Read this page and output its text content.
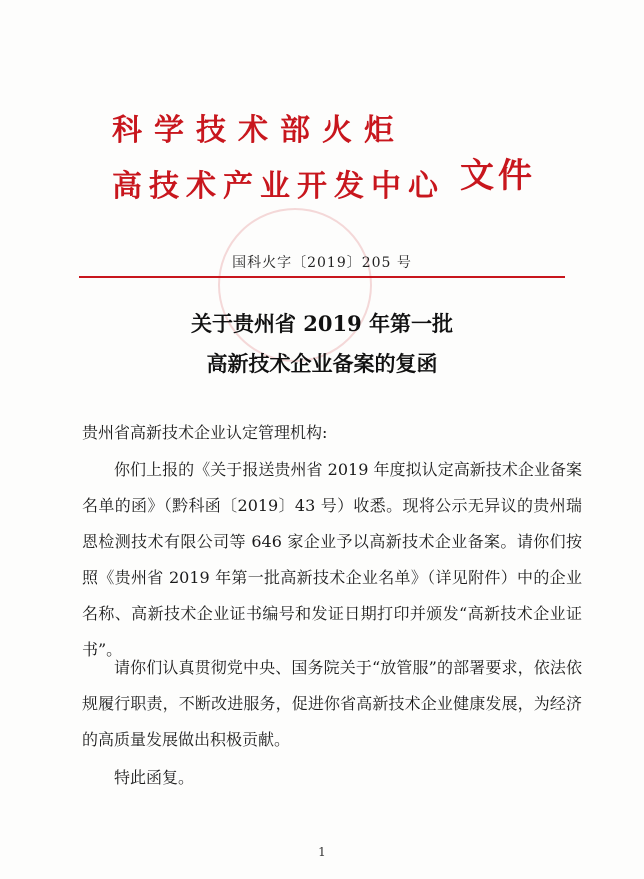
科学技术部火炬
高技术产业开发中心 文件
国科火字〔2019〕205 号
关于贵州省 2019 年第一批
高新技术企业备案的复函
贵州省高新技术企业认定管理机构:
你们上报的《关于报送贵州省 2019 年度拟认定高新技术企业备案名单的函》（黔科函〔2019〕43 号）收悉。现将公示无异议的贵州瑞恩检测技术有限公司等 646 家企业予以高新技术企业备案。请你们按照《贵州省 2019 年第一批高新技术企业名单》（详见附件）中的企业名称、高新技术企业证书编号和发证日期打印并颁发“高新技术企业证书”。
请你们认真贯彻党中央、国务院关于“放管服”的部署要求，依法依规履行职责，不断改进服务，促进你省高新技术企业健康发展，为经济的高质量发展做出积极贡献。
特此函复。
1
